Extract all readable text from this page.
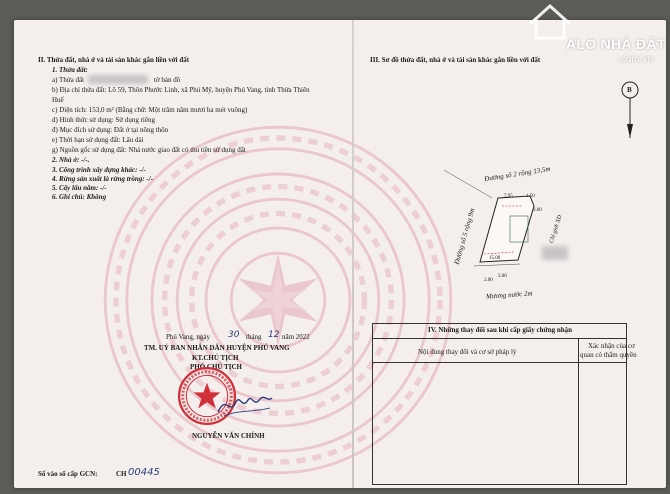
II. Thửa đất, nhà ở và tài sản khác gắn liền với đất
1. Thửa đất:
a) Thửa đất	tờ bản đồ
b) Địa chỉ thửa đất: Lô 59, Thôn Phước Linh, xã Phú Mỹ, huyện Phú Vang, tỉnh Thừa Thiên
Huế
c) Diện tích: 153,0 m² (Bằng chữ: Một trăm năm mươi ba mét vuông)
d) Hình thức sử dụng: Sử dụng riêng
đ) Mục đích sử dụng: Đất ở tại nông thôn
e) Thời hạn sử dụng đất: Lâu dài
g) Nguồn gốc sử dụng đất: Nhà nước giao đất có thu tiền sử dụng đất
2. Nhà ở: -/-.
3. Công trình xây dựng khác: -/-
4. Rừng sản xuất là rừng trồng: -/-
5. Cây lâu năm: -/-
6. Ghi chú: Không
Phú Vang, ngày 30 tháng 12 năm 2022
TM. UỶ BAN NHÂN DÂN HUYỆN PHÚ VANG
KT.CHỦ TỊCH
PHÓ CHỦ TỊCH
NGUYỄN VĂN CHÍNH
Số vào sổ cấp GCN:	CH 00445
III. Sơ đồ thửa đất, nhà ở và tài sản khác gắn liền với đất
B
Đường số 2 rộng 13,5m
Đường số 5 rộng 9m
Mương nước 2m
Chỉ giới XD
7.95	1.50
3.00
15.00
2.00
3.00
IV. Những thay đổi sau khi cấp giấy chứng nhận
Nội dung thay đổi và cơ sở pháp lý
Xác nhận của cơ
quan có thẩm quyền
ALO NHÀ ĐẤT
.com.vn
